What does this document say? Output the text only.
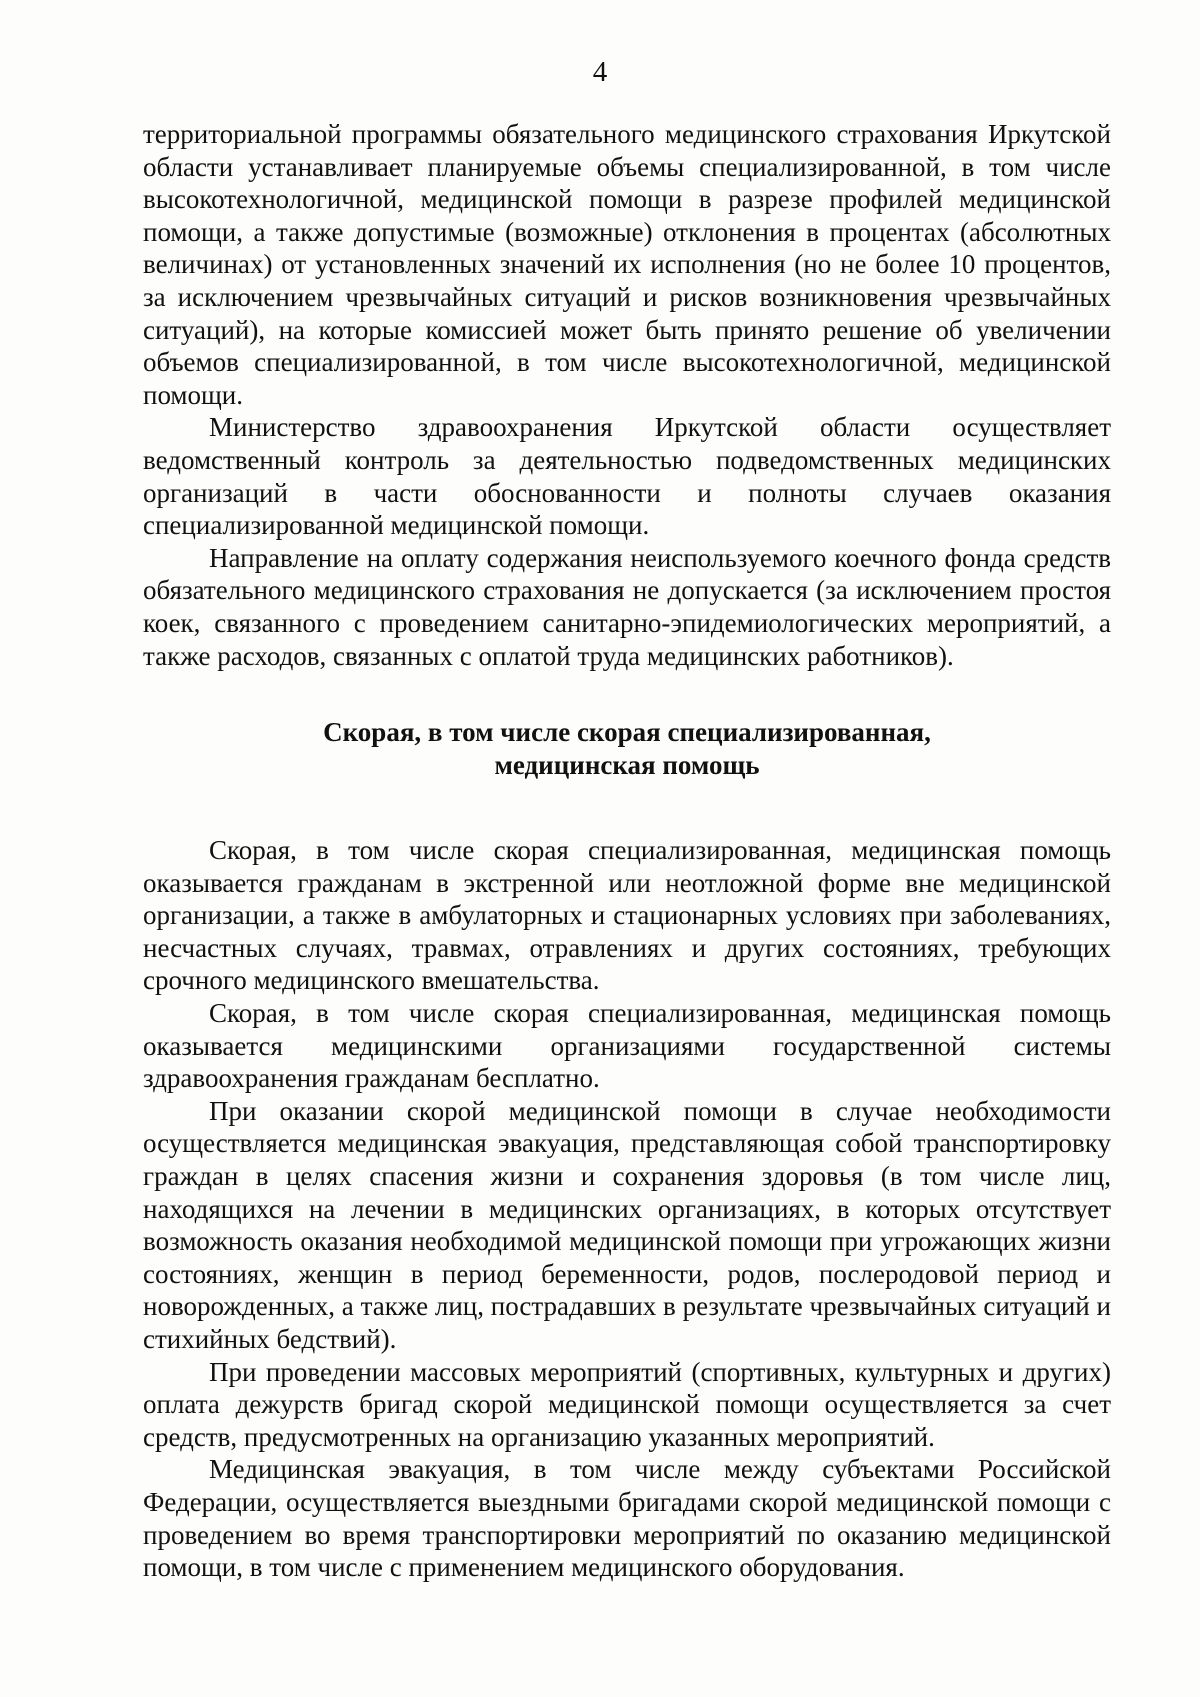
4

территориальной программы обязательного медицинского страхования Иркутской области устанавливает планируемые объемы специализированной, в том числе высокотехнологичной, медицинской помощи в разрезе профилей медицинской помощи, а также допустимые (возможные) отклонения в процентах (абсолютных величинах) от установленных значений их исполнения (но не более 10 процентов, за исключением чрезвычайных ситуаций и рисков возникновения чрезвычайных ситуаций), на которые комиссией может быть принято решение об увеличении объемов специализированной, в том числе высокотехнологичной, медицинской помощи.

Министерство здравоохранения Иркутской области осуществляет ведомственный контроль за деятельностью подведомственных медицинских организаций в части обоснованности и полноты случаев оказания специализированной медицинской помощи.

Направление на оплату содержания неиспользуемого коечного фонда средств обязательного медицинского страхования не допускается (за исключением простоя коек, связанного с проведением санитарно-эпидемиологических мероприятий, а также расходов, связанных с оплатой труда медицинских работников).

Скорая, в том числе скорая специализированная,
медицинская помощь

Скорая, в том числе скорая специализированная, медицинская помощь оказывается гражданам в экстренной или неотложной форме вне медицинской организации, а также в амбулаторных и стационарных условиях при заболеваниях, несчастных случаях, травмах, отравлениях и других состояниях, требующих срочного медицинского вмешательства.

Скорая, в том числе скорая специализированная, медицинская помощь оказывается медицинскими организациями государственной системы здравоохранения гражданам бесплатно.

При оказании скорой медицинской помощи в случае необходимости осуществляется медицинская эвакуация, представляющая собой транспортировку граждан в целях спасения жизни и сохранения здоровья (в том числе лиц, находящихся на лечении в медицинских организациях, в которых отсутствует возможность оказания необходимой медицинской помощи при угрожающих жизни состояниях, женщин в период беременности, родов, послеродовой период и новорожденных, а также лиц, пострадавших в результате чрезвычайных ситуаций и стихийных бедствий).

При проведении массовых мероприятий (спортивных, культурных и других) оплата дежурств бригад скорой медицинской помощи осуществляется за счет средств, предусмотренных на организацию указанных мероприятий.

Медицинская эвакуация, в том числе между субъектами Российской Федерации, осуществляется выездными бригадами скорой медицинской помощи с проведением во время транспортировки мероприятий по оказанию медицинской помощи, в том числе с применением медицинского оборудования.
